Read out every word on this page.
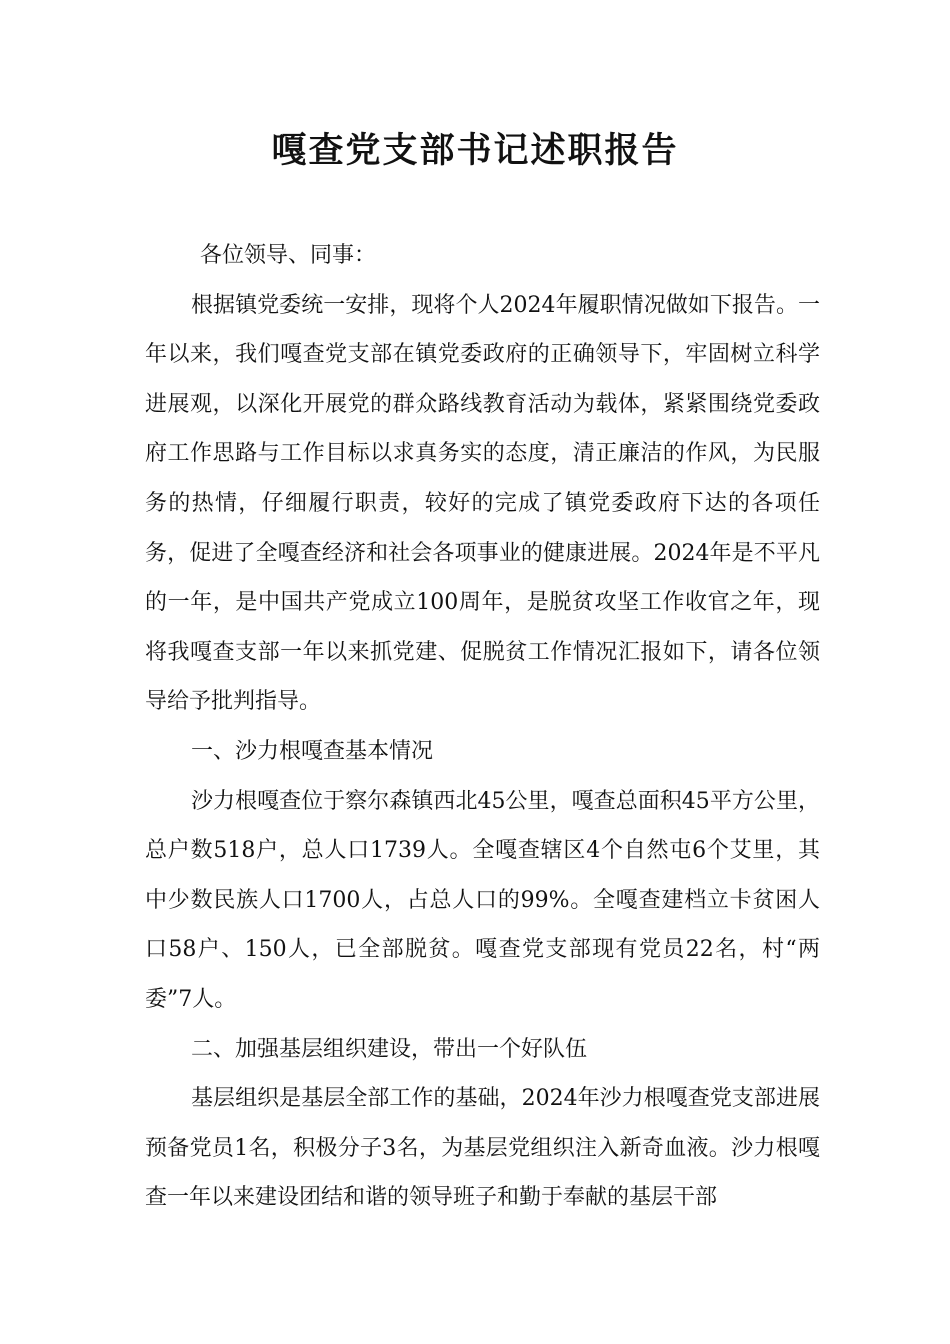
嘎查党支部书记述职报告

各位领导、同事：

根据镇党委统一安排，现将个人2024年履职情况做如下报告。一年以来，我们嘎查党支部在镇党委政府的正确领导下，牢固树立科学进展观，以深化开展党的群众路线教育活动为载体，紧紧围绕党委政府工作思路与工作目标以求真务实的态度，清正廉洁的作风，为民服务的热情，仔细履行职责，较好的完成了镇党委政府下达的各项任务，促进了全嘎查经济和社会各项事业的健康进展。2024年是不平凡的一年，是中国共产党成立100周年，是脱贫攻坚工作收官之年，现将我嘎查支部一年以来抓党建、促脱贫工作情况汇报如下，请各位领导给予批判指导。

一、沙力根嘎查基本情况

沙力根嘎查位于察尔森镇西北45公里，嘎查总面积45平方公里，总户数518户，总人口1739人。全嘎查辖区4个自然屯6个艾里，其中少数民族人口1700人，占总人口的99%。全嘎查建档立卡贫困人口58户、150人，已全部脱贫。嘎查党支部现有党员22名，村“两委”7人。

二、加强基层组织建设，带出一个好队伍

基层组织是基层全部工作的基础，2024年沙力根嘎查党支部进展预备党员1名，积极分子3名，为基层党组织注入新奇血液。沙力根嘎查一年以来建设团结和谐的领导班子和勤于奉献的基层干部
